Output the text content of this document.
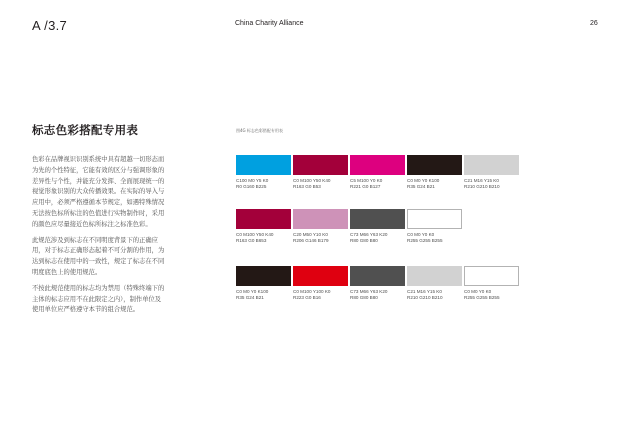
A /3.7	China Charity Alliance	26
标志色彩搭配专用表

色彩在品牌视识识别系统中具有超越一切形态而为先的个性特征，它能有效的区分与强调形象的差异性与个性，并能充分发挥、全面展现统一的视觉形象识别的大众传播效果。在实际的导入与应用中，必须严格遵循本节规定，如遇特殊情况无法按色标所标注的色值进行实物制作时，采用的颜色应尽量接近色标所标注之标准色彩。

此规范涉及到标志在不同明度背景下的正确应用，对于标志正确形态起着不可分割的作用，为达到标志在使用中的一致性，规定了标志在不同明度底色上的使用规范。

不按此规范使用的标志均为禁用（特殊终端下的主体的标志应用不在此限定之内），制作单位及使用单位应严格遵守本节的组合规范。

图4G 标志色彩搭配专用表
C100 M0 Y5 K0
R0 G160 B225
C0 M100 Y50 K40
R163 G0 B53
C5 M100 Y0 K0
R221 G0 B127
C0 M0 Y0 K100
R35 G24 B21
C21 M16 Y15 K0
R210 G210 B210
C0 M100 Y50 K40
R163 G0 B653
C20 M50 Y10 K0
R206 G146 B179
C73 M66 Y63 K20
R80 G80 B80
C0 M0 Y0 K0
R255 G255 B255
C0 M0 Y0 K100
R35 G24 B21
C0 M100 Y100 K0
R223 G0 B16
C73 M66 Y63 K20
R80 G80 B80
C21 M16 Y15 K0
R210 G210 B210
C0 M0 Y0 K0
R255 G255 B255
